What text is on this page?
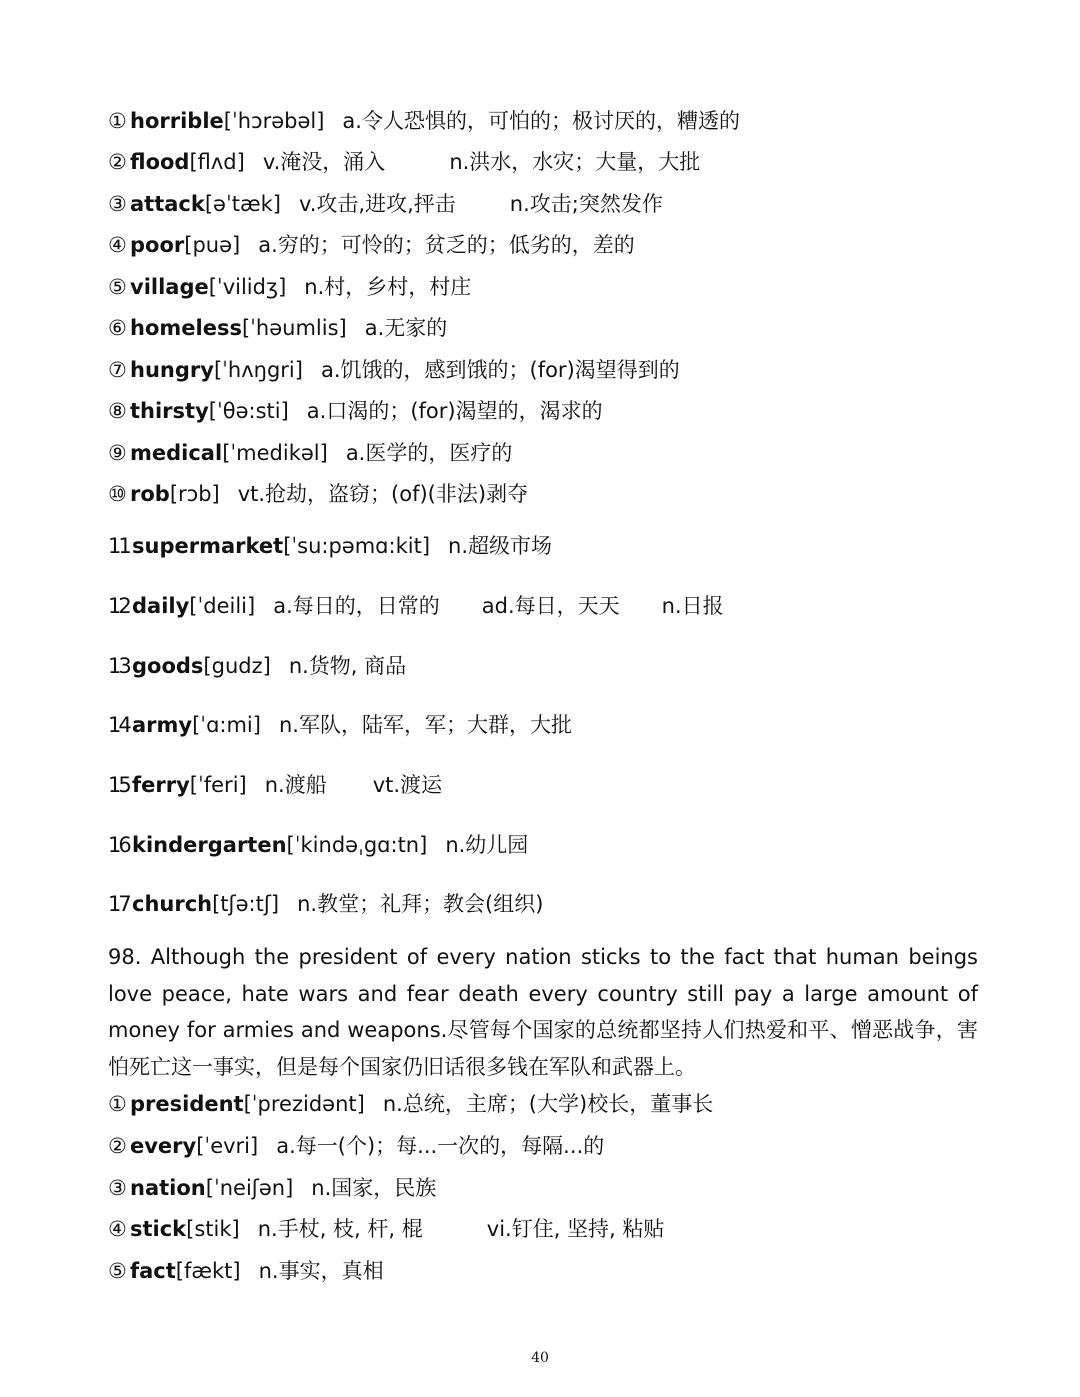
① horrible[ˈhɔrəbəl] a.令人恐惧的，可怕的；极讨厌的，糟透的
② flood[flʌd] v.淹没，涌入	n.洪水，水灾；大量，大批
③ attack[əˈtæk] v.攻击,进攻,抨击	n.攻击;突然发作
④ poor[puə] a.穷的；可怜的；贫乏的；低劣的，差的
⑤ village[ˈvilidʒ] n.村，乡村，村庄
⑥ homeless[ˈhəumlis] a.无家的
⑦ hungry[ˈhʌŋgri] a.饥饿的，感到饿的；(for)渴望得到的
⑧ thirsty[ˈθə:sti] a.口渴的；(for)渴望的，渴求的
⑨ medical[ˈmedikəl] a.医学的，医疗的
⑩ rob[rɔb] vt.抢劫，盗窃；(of)(非法)剥夺
11 supermarket[ˈsu:pəmɑ:kit] n.超级市场
12 daily[ˈdeili] a.每日的，日常的 ad.每日，天天 n.日报
13 goods[gudz] n.货物, 商品
14 army[ˈɑ:mi] n.军队，陆军，军；大群，大批
15 ferry[ˈferi] n.渡船 vt.渡运
16 kindergarten[ˈkindəˌgɑ:tn] n.幼儿园
17 church[tʃə:tʃ] n.教堂；礼拜；教会(组织)
98. Although the president of every nation sticks to the fact that human beings love peace, hate wars and fear death every country still pay a large amount of money for armies and weapons.尽管每个国家的总统都坚持人们热爱和平、憎恶战争，害怕死亡这一事实，但是每个国家仍旧话很多钱在军队和武器上。
① president[ˈprezidənt] n.总统，主席；(大学)校长，董事长
② every[ˈevri] a.每一(个)；每...一次的，每隔...的
③ nation[ˈneiʃən] n.国家，民族
④ stick[stik] n.手杖, 枝, 杆, 棍	vi.钉住, 坚持, 粘贴
⑤ fact[fækt] n.事实，真相
40
